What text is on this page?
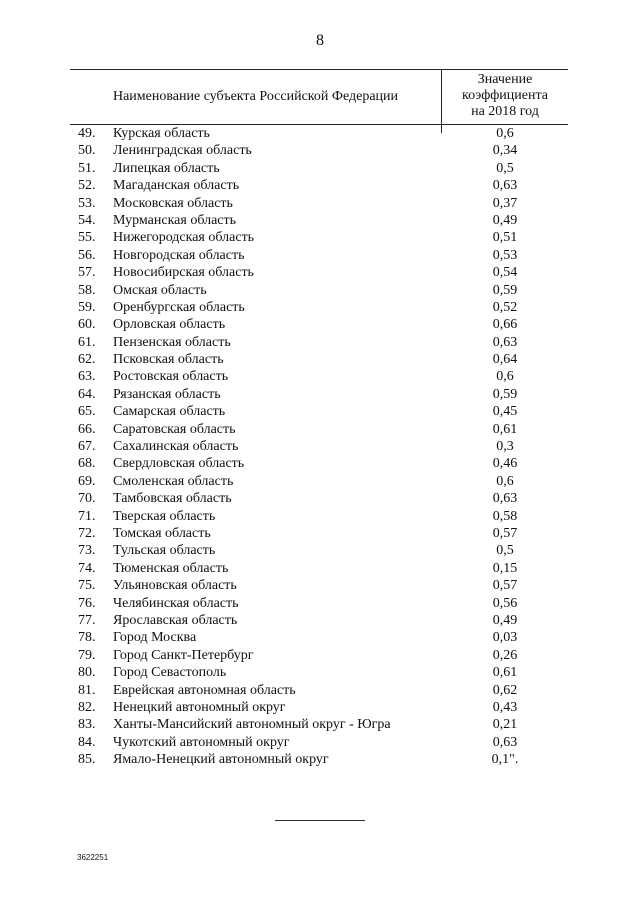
8
Наименование субъекта Российской Федерации
Значение
коэффициента
на 2018 год
49.	Курская область	0,6
50.	Ленинградская область	0,34
51.	Липецкая область	0,5
52.	Магаданская область	0,63
53.	Московская область	0,37
54.	Мурманская область	0,49
55.	Нижегородская область	0,51
56.	Новгородская область	0,53
57.	Новосибирская область	0,54
58.	Омская область	0,59
59.	Оренбургская область	0,52
60.	Орловская область	0,66
61.	Пензенская область	0,63
62.	Псковская область	0,64
63.	Ростовская область	0,6
64.	Рязанская область	0,59
65.	Самарская область	0,45
66.	Саратовская область	0,61
67.	Сахалинская область	0,3
68.	Свердловская область	0,46
69.	Смоленская область	0,6
70.	Тамбовская область	0,63
71.	Тверская область	0,58
72.	Томская область	0,57
73.	Тульская область	0,5
74.	Тюменская область	0,15
75.	Ульяновская область	0,57
76.	Челябинская область	0,56
77.	Ярославская область	0,49
78.	Город Москва	0,03
79.	Город Санкт-Петербург	0,26
80.	Город Севастополь	0,61
81.	Еврейская автономная область	0,62
82.	Ненецкий автономный округ	0,43
83.	Ханты-Мансийский автономный округ - Югра	0,21
84.	Чукотский автономный округ	0,63
85.	Ямало-Ненецкий автономный округ	0,1".
3622251
